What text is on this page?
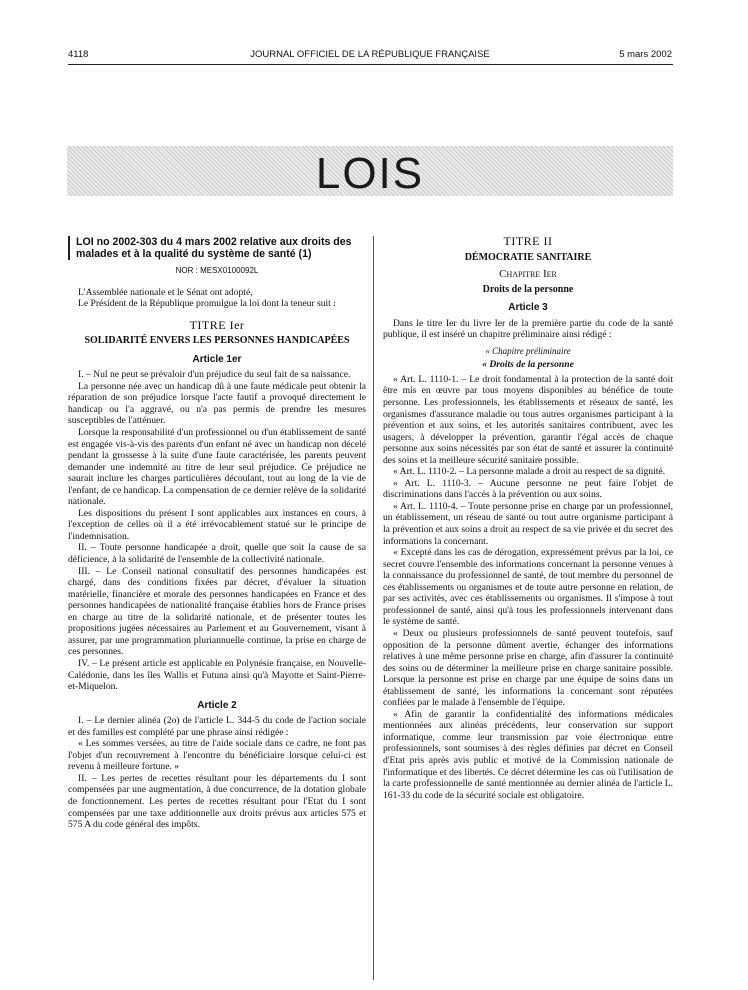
4118	JOURNAL OFFICIEL DE LA RÉPUBLIQUE FRANÇAISE	5 mars 2002
LOIS
LOI no 2002-303 du 4 mars 2002 relative aux droits des malades et à la qualité du système de santé (1)
NOR : MESX0100092L

L'Assemblée nationale et le Sénat ont adopté,

Le Président de la République promulgue la loi dont la teneur suit :

TITRE Ier
SOLIDARITÉ ENVERS LES PERSONNES HANDICAPÉES
Article 1er

I. – Nul ne peut se prévaloir d'un préjudice du seul fait de sa naissance.

La personne née avec un handicap dû à une faute médicale peut obtenir la réparation de son préjudice lorsque l'acte fautif a provoqué directement le handicap ou l'a aggravé, ou n'a pas permis de prendre les mesures susceptibles de l'atténuer.

Lorsque la responsabilité d'un professionnel ou d'un établissement de santé est engagée vis-à-vis des parents d'un enfant né avec un handicap non décelé pendant la grossesse à la suite d'une faute caractérisée, les parents peuvent demander une indemnité au titre de leur seul préjudice. Ce préjudice ne saurait inclure les charges particulières découlant, tout au long de la vie de l'enfant, de ce handicap. La compensation de ce dernier relève de la solidarité nationale.

Les dispositions du présent I sont applicables aux instances en cours, à l'exception de celles où il a été irrévocablement statué sur le principe de l'indemnisation.

II. – Toute personne handicapée a droit, quelle que soit la cause de sa déficience, à la solidarité de l'ensemble de la collectivité nationale.

III. – Le Conseil national consultatif des personnes handicapées est chargé, dans des conditions fixées par décret, d'évaluer la situation matérielle, financière et morale des personnes handicapées en France et des personnes handicapées de nationalité française établies hors de France prises en charge au titre de la solidarité nationale, et de présenter toutes les propositions jugées nécessaires au Parlement et au Gouvernement, visant à assurer, par une programmation pluriannuelle continue, la prise en charge de ces personnes.

IV. – Le présent article est applicable en Polynésie française, en Nouvelle-Calédonie, dans les îles Wallis et Futuna ainsi qu'à Mayotte et Saint-Pierre-et-Miquelon.

Article 2

I. – Le dernier alinéa (2o) de l'article L. 344-5 du code de l'action sociale et des familles est complété par une phrase ainsi rédigée :

« Les sommes versées, au titre de l'aide sociale dans ce cadre, ne font pas l'objet d'un recouvrement à l'encontre du bénéficiaire lorsque celui-ci est revenu à meilleure fortune. »

II. – Les pertes de recettes résultant pour les départements du I sont compensées par une augmentation, à due concurrence, de la dotation globale de fonctionnement. Les pertes de recettes résultant pour l'Etat du I sont compensées par une taxe additionnelle aux droits prévus aux articles 575 et 575 A du code général des impôts.

TITRE II
DÉMOCRATIE SANITAIRE
Chapitre Ier
Droits de la personne
Article 3

Dans le titre Ier du livre Ier de la première partie du code de la santé publique, il est inséré un chapitre préliminaire ainsi rédigé :

« Chapitre préliminaire
« Droits de la personne

« Art. L. 1110-1. – Le droit fondamental à la protection de la santé doit être mis en œuvre par tous moyens disponibles au bénéfice de toute personne. Les professionnels, les établissements et réseaux de santé, les organismes d'assurance maladie ou tous autres organismes participant à la prévention et aux soins, et les autorités sanitaires contribuent, avec les usagers, à développer la prévention, garantir l'égal accès de chaque personne aux soins nécessités par son état de santé et assurer la continuité des soins et la meilleure sécurité sanitaire possible.

« Art. L. 1110-2. – La personne malade a droit au respect de sa dignité.

« Art. L. 1110-3. – Aucune personne ne peut faire l'objet de discriminations dans l'accès à la prévention ou aux soins.

« Art. L. 1110-4. – Toute personne prise en charge par un professionnel, un établissement, un réseau de santé ou tout autre organisme participant à la prévention et aux soins a droit au respect de sa vie privée et du secret des informations la concernant.

« Excepté dans les cas de dérogation, expressément prévus par la loi, ce secret couvre l'ensemble des informations concernant la personne venues à la connaissance du professionnel de santé, de tout membre du personnel de ces établissements ou organismes et de toute autre personne en relation, de par ses activités, avec ces établissements ou organismes. Il s'impose à tout professionnel de santé, ainsi qu'à tous les professionnels intervenant dans le système de santé.

« Deux ou plusieurs professionnels de santé peuvent toutefois, sauf opposition de la personne dûment avertie, échanger des informations relatives à une même personne prise en charge, afin d'assurer la continuité des soins ou de déterminer la meilleure prise en charge sanitaire possible. Lorsque la personne est prise en charge par une équipe de soins dans un établissement de santé, les informations la concernant sont réputées confiées par le malade à l'ensemble de l'équipe.

« Afin de garantir la confidentialité des informations médicales mentionnées aux alinéas précédents, leur conservation sur support informatique, comme leur transmission par voie électronique entre professionnels, sont soumises à des règles définies par décret en Conseil d'Etat pris après avis public et motivé de la Commission nationale de l'informatique et des libertés. Ce décret détermine les cas où l'utilisation de la carte professionnelle de santé mentionnée au dernier alinéa de l'article L. 161-33 du code de la sécurité sociale est obligatoire.
